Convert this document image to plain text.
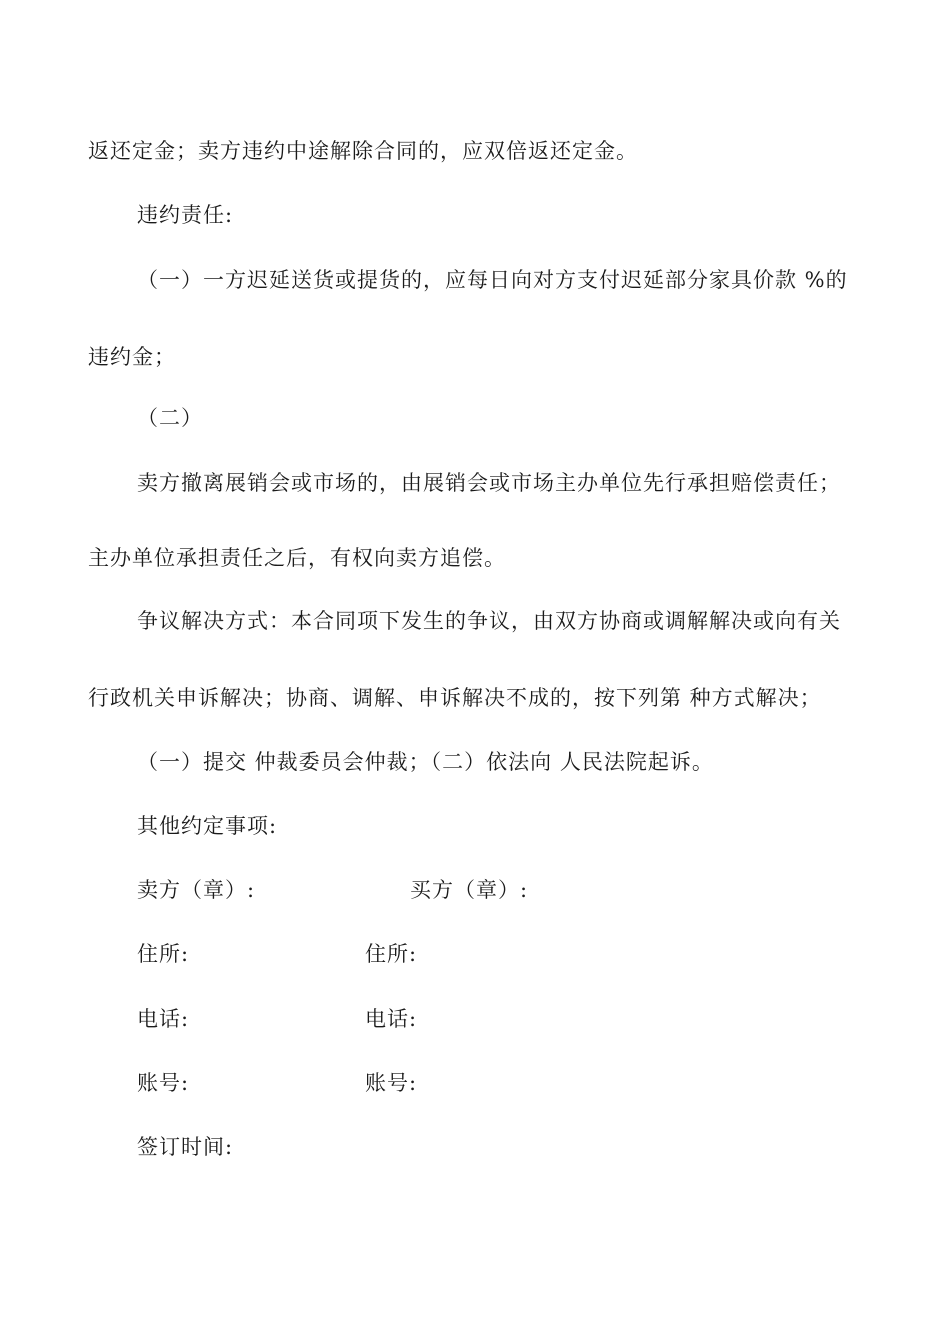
返还定金；卖方违约中途解除合同的，应双倍返还定金。
违约责任:
（一）一方迟延送货或提货的，应每日向对方支付迟延部分家具价款 %的
违约金；
（二）
卖方撤离展销会或市场的，由展销会或市场主办单位先行承担赔偿责任；
主办单位承担责任之后，有权向卖方追偿。
争议解决方式：本合同项下发生的争议，由双方协商或调解解决或向有关
行政机关申诉解决；协商、调解、申诉解决不成的，按下列第 种方式解决；
（一）提交 仲裁委员会仲裁；（二）依法向 人民法院起诉。
其他约定事项:
卖方（章）:	买方（章）:
住所:	住所:
电话:	电话:
账号:	账号:
签订时间:
